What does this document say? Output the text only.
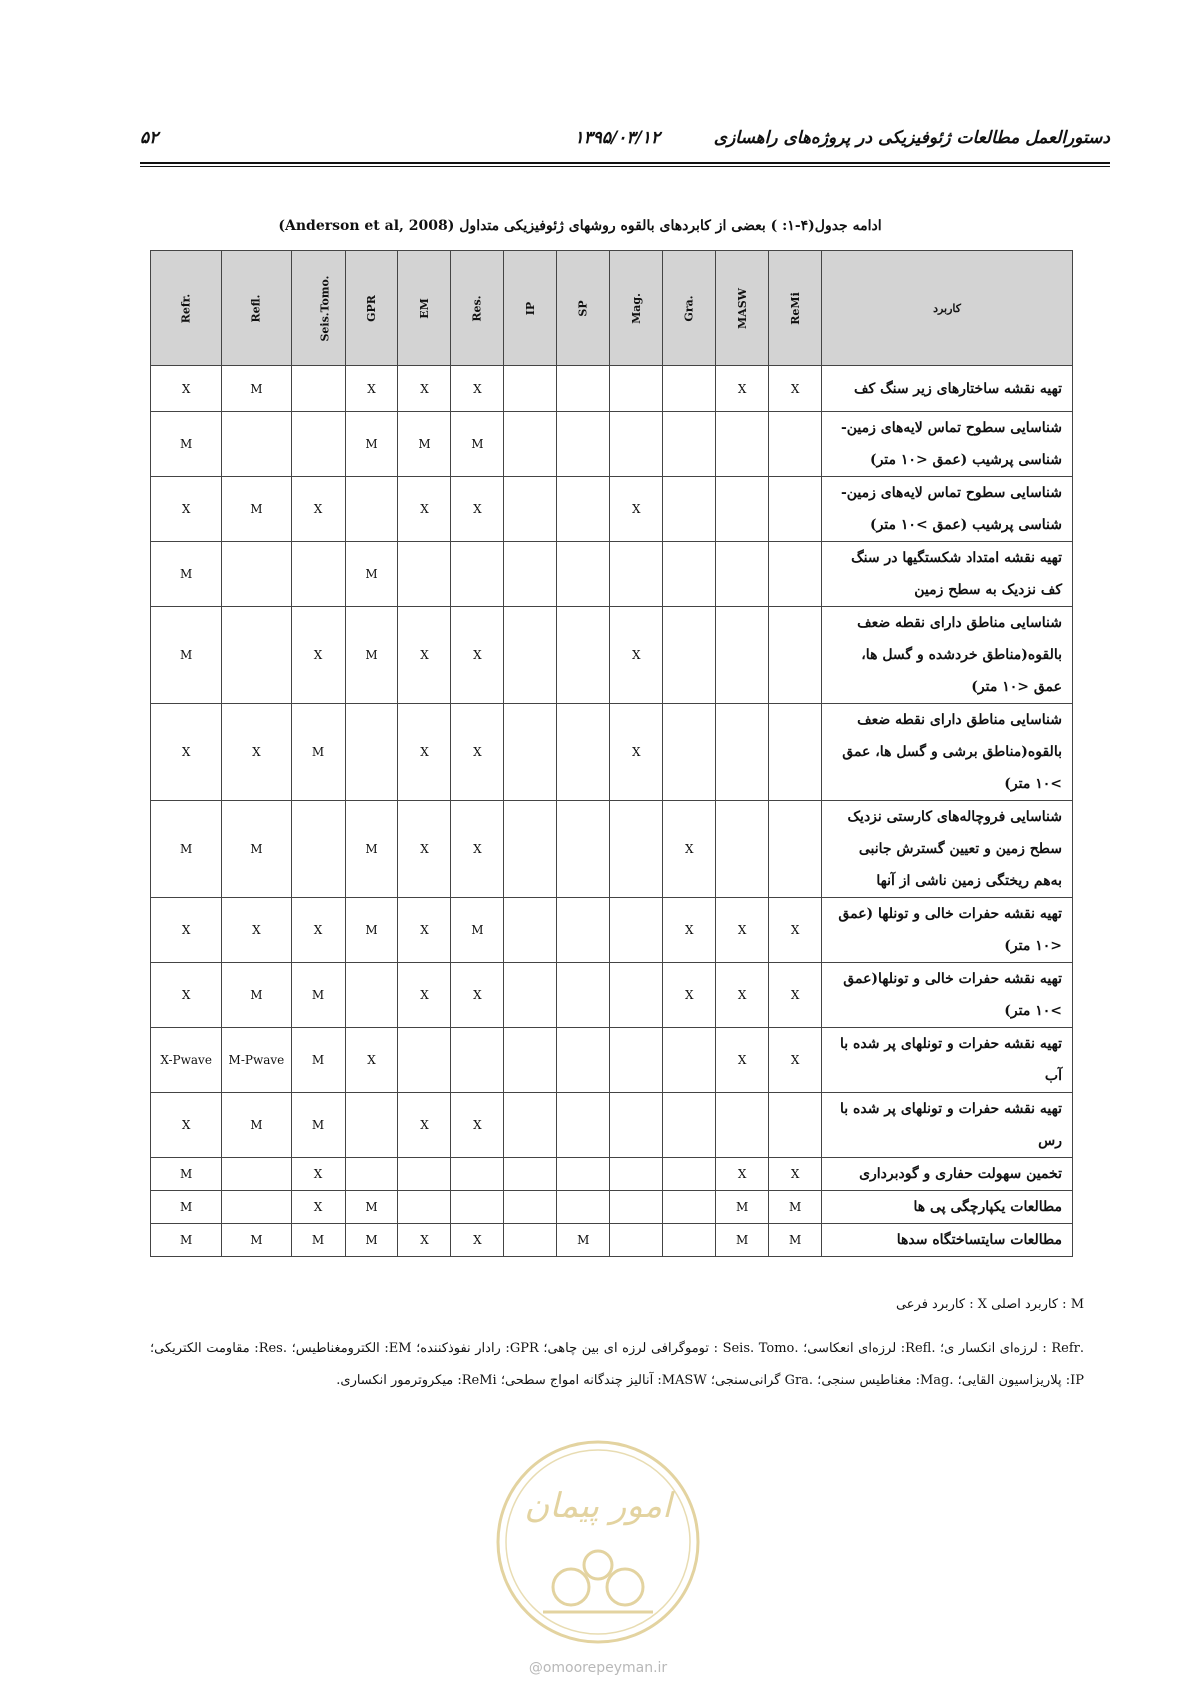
دستورالعمل مطالعات ژئوفیزیکی در پروژه‌های راهسازی
۱۳۹۵/۰۳/۱۲
۵۲
ادامه جدول(۴-۱: ) بعضی از کابردهای بالقوه روشهای ژئوفیزیکی متداول (Anderson et al, 2008)
Refr.	Refl.	Seis.Tomo.	GPR	EM	Res.	IP	SP	Mag.	Gra.	MASW	ReMi	کاربرد
X	M		X	X	X					X	X	تهیه نقشه ساختارهای زیر سنگ کف
M			M	M	M							شناسایی سطوح تماس لایه‌های زمین-شناسی پرشیب (عمق <۱۰ متر)
X	M	X		X	X			X				شناسایی سطوح تماس لایه‌های زمین-شناسی پرشیب (عمق >۱۰ متر)
M			M									تهیه نقشه امتداد شکستگیها در سنگ کف نزدیک به سطح زمین
M		X	M	X	X			X				شناسایی مناطق دارای نقطه ضعف بالقوه(مناطق خردشده و گسل ها، عمق <۱۰ متر)
X	X	M		X	X			X				شناسایی مناطق دارای نقطه ضعف بالقوه(مناطق برشی و گسل ها، عمق >۱۰ متر)
M	M		M	X	X				X			شناسایی فروچاله‌های کارستی نزدیک سطح زمین و تعیین گسترش جانبی به‌هم ریختگی زمین ناشی از آنها
X	X	X	M	X	M				X	X	X	تهیه نقشه حفرات خالی و تونلها (عمق <۱۰ متر)
X	M	M		X	X				X	X	X	تهیه نقشه حفرات خالی و تونلها(عمق >۱۰ متر)
X-Pwave	M-Pwave	M	X							X	X	تهیه نقشه حفرات و تونلهای پر شده با آب
X	M	M		X	X							تهیه نقشه حفرات و تونلهای پر شده با رس
M		X								X	X	تخمین سهولت حفاری و گودبرداری
M		X	M							M	M	مطالعات یکپارچگی پی ها
M	M	M	M	X	X		M			M	M	مطالعات سایتساختگاه سدها
M : کاربرد اصلی X : کاربرد فرعی
.Refr : لرزه‌ای انکسار ی؛ .Refl: لرزه‌ای انعکاسی؛ .Seis. Tomo : توموگرافی لرزه ای بین چاهی؛ GPR: رادار نفوذکننده؛ EM: الکترومغناطیس؛ .Res: مقاومت الکتریکی؛ IP: پلاریزاسیون القایی؛ .Mag: مغناطیس سنجی؛ .Gra گرانی‌سنجی؛ MASW: آنالیز چندگانه امواج سطحی؛ ReMi: میکروترمور انکساری.
امور پیمان
@omoorepeyman.ir
